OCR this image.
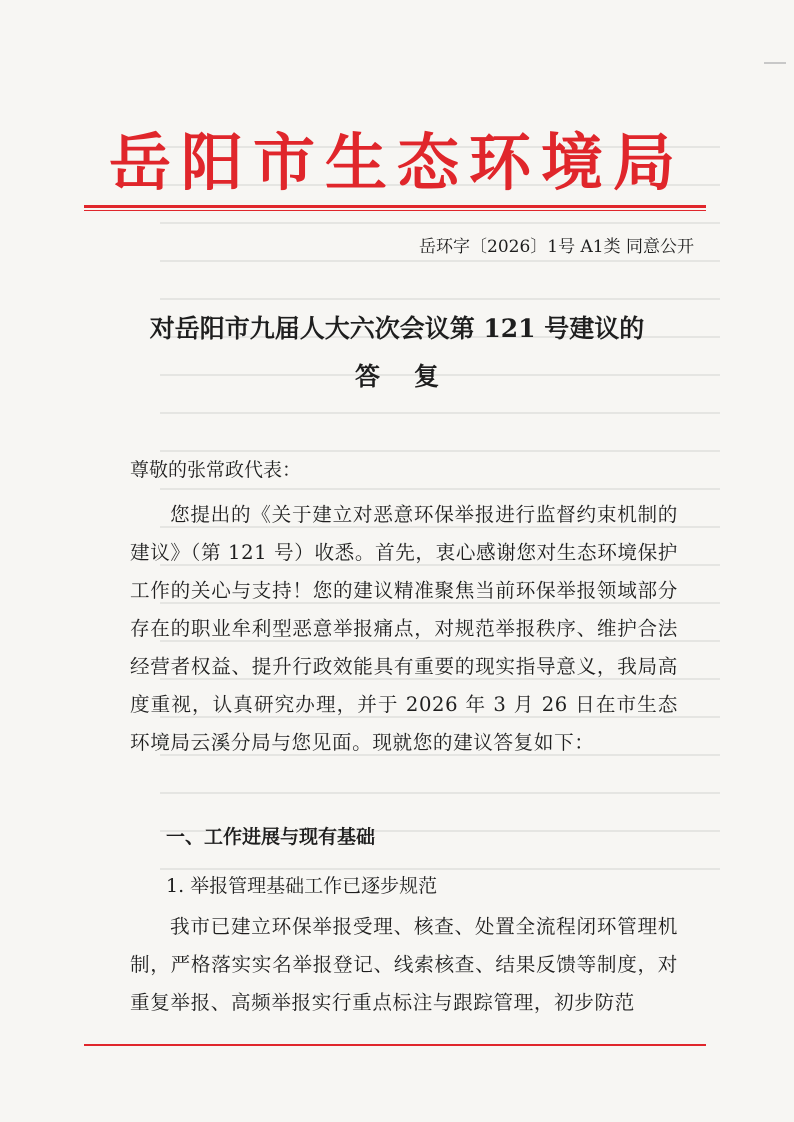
岳阳市生态环境局
岳环字〔2026〕1号 A1类 同意公开
对岳阳市九届人大六次会议第 121 号建议的
答复
尊敬的张常政代表：
您提出的《关于建立对恶意环保举报进行监督约束机制的建议》（第 121 号）收悉。首先，衷心感谢您对生态环境保护工作的关心与支持！您的建议精准聚焦当前环保举报领域部分存在的职业牟利型恶意举报痛点，对规范举报秩序、维护合法经营者权益、提升行政效能具有重要的现实指导意义，我局高度重视，认真研究办理，并于 2026 年 3 月 26 日在市生态环境局云溪分局与您见面。现就您的建议答复如下：
一、工作进展与现有基础
1. 举报管理基础工作已逐步规范
我市已建立环保举报受理、核查、处置全流程闭环管理机制，严格落实实名举报登记、线索核查、结果反馈等制度，对重复举报、高频举报实行重点标注与跟踪管理，初步防范
